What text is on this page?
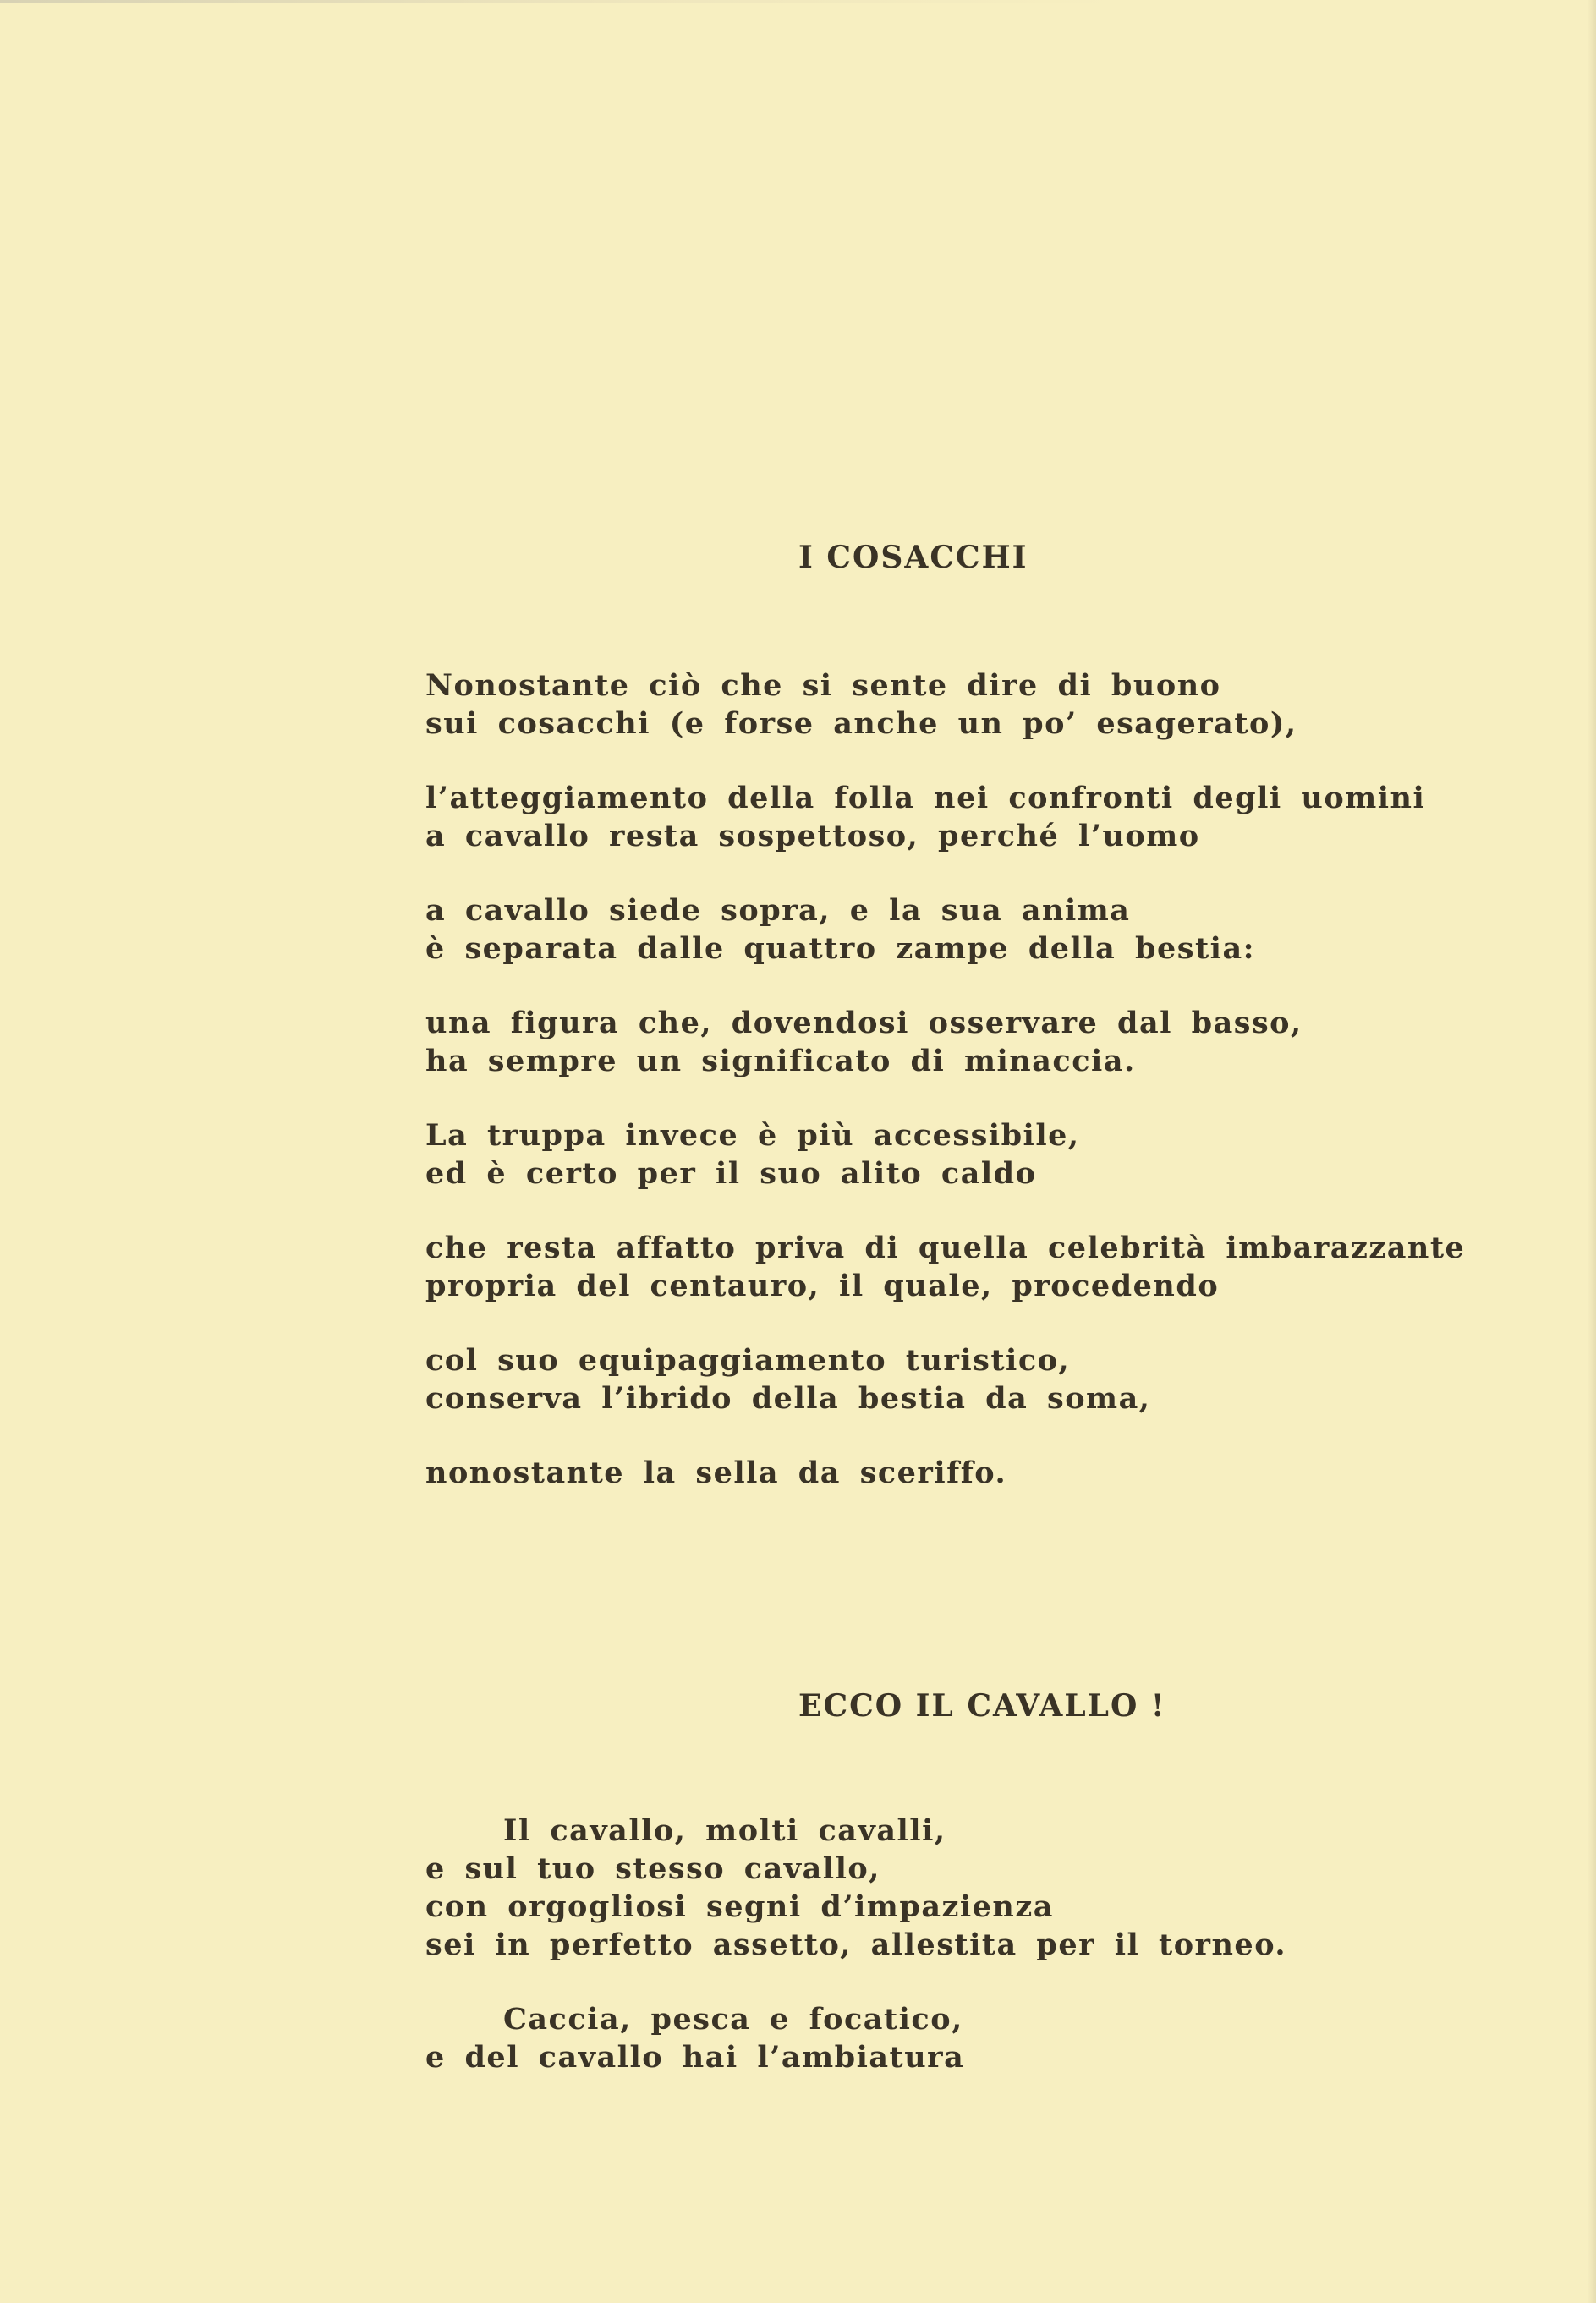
I COSACCHI

Nonostante ciò che si sente dire di buono
sui cosacchi (e forse anche un po’ esagerato),

l’atteggiamento della folla nei confronti degli uomini
a cavallo resta sospettoso, perché l’uomo

a cavallo siede sopra, e la sua anima
è separata dalle quattro zampe della bestia:

una figura che, dovendosi osservare dal basso,
ha sempre un significato di minaccia.

La truppa invece è più accessibile,
ed è certo per il suo alito caldo

che resta affatto priva di quella celebrità imbarazzante
propria del centauro, il quale, procedendo

col suo equipaggiamento turistico,
conserva l’ibrido della bestia da soma,

nonostante la sella da sceriffo.

ECCO IL CAVALLO !

Il cavallo, molti cavalli,
e sul tuo stesso cavallo,
con orgogliosi segni d’impazienza
sei in perfetto assetto, allestita per il torneo.

Caccia, pesca e focatico,
e del cavallo hai l’ambiatura
